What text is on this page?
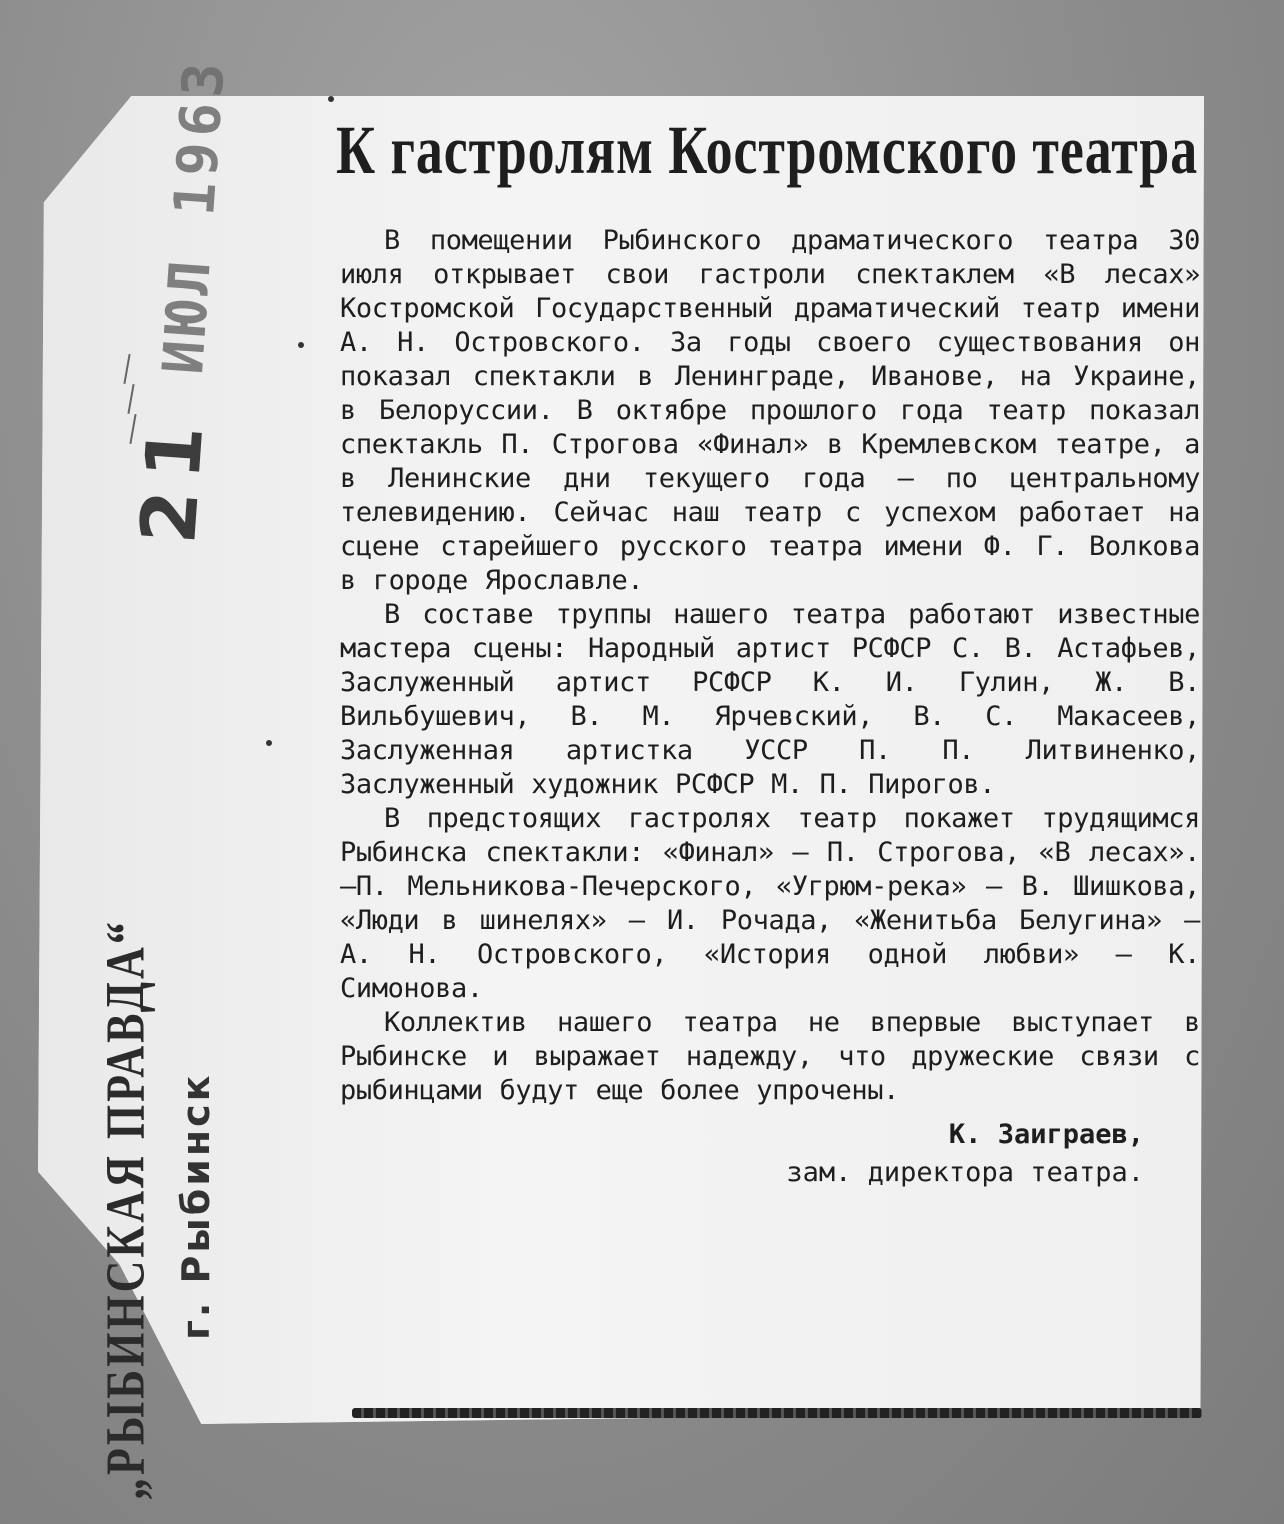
21
ИЮЛ 1963
„РЫБИНСКАЯ ПРАВДА“ г. Рыбинск
К гастролям Костромского театра

В помещении Рыбинского драматического театра 30 июля открывает свои гастроли спектаклем «В лесах» Костромской Государственный драматический театр имени А. Н. Островского. За годы своего существования он показал спектакли в Ленинграде, Иванове, на Украине, в Белоруссии. В октябре прошлого года театр показал спектакль П. Строгова «Финал» в Кремлевском театре, а в Ленинские дни текущего года — по центральному телевидению. Сейчас наш театр с успехом работает на сцене старейшего русского театра имени Ф. Г. Волкова в городе Ярославле.

В составе труппы нашего театра работают известные мастера сцены: Народный артист РСФСР С. В. Астафьев, Заслуженный артист РСФСР К. И. Гулин, Ж. В. Вильбушевич, В. М. Ярчевский, В. С. Макасеев, Заслуженная артистка УССР П. П. Литвиненко, Заслуженный художник РСФСР М. П. Пирогов.

В предстоящих гастролях театр покажет трудящимся Рыбинска спектакли: «Финал» — П. Строгова, «В лесах».—П. Мельникова-Печерского, «Угрюм-река» — В. Шишкова, «Люди в шинелях» — И. Рочада, «Женитьба Белугина» — А. Н. Островского, «История одной любви» — К. Симонова.

Коллектив нашего театра не впервые выступает в Рыбинске и выражает надежду, что дружеские связи с рыбинцами будут еще более упрочены.

К. Заиграев,
зам. директора театра.
